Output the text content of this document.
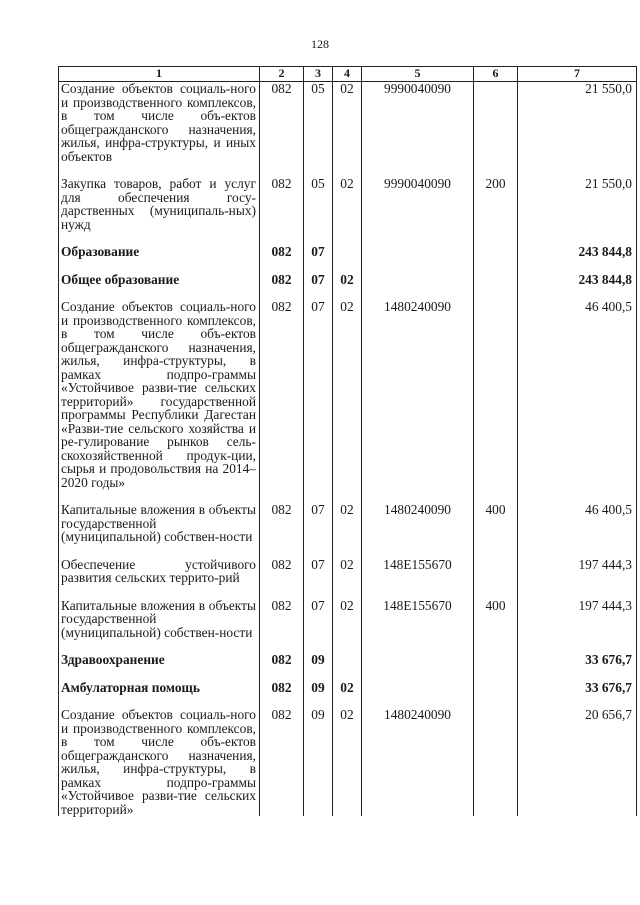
128
1	2	3	4	5	6	7
Создание объектов социаль-ного и производственного комплексов, в том числе объ-ектов общегражданского назначения, жилья, инфра-структуры, и иных объектов	082	05	02	9990040090		21 550,0

Закупка товаров, работ и услуг для обеспечения госу-дарственных (муниципаль-ных) нужд	082	05	02	9990040090	200	21 550,0

Образование	082	07				243 844,8

Общее образование	082	07	02			243 844,8

Создание объектов социаль-ного и производственного комплексов, в том числе объ-ектов общегражданского назначения, жилья, инфра-структуры, в рамках подпро-граммы «Устойчивое разви-тие сельских территорий» государственной программы Республики Дагестан «Разви-тие сельского хозяйства и ре-гулирование рынков сель-скохозяйственной продук-ции, сырья и продовольствия на 2014–2020 годы»	082	07	02	1480240090		46 400,5

Капитальные вложения в объекты государственной (муниципальной) собствен-ности	082	07	02	1480240090	400	46 400,5

Обеспечение устойчивого развития сельских террито-рий	082	07	02	148E155670		197 444,3

Капитальные вложения в объекты государственной (муниципальной) собствен-ности	082	07	02	148E155670	400	197 444,3

Здравоохранение	082	09				33 676,7

Амбулаторная помощь	082	09	02			33 676,7

Создание объектов социаль-ного и производственного комплексов, в том числе объ-ектов общегражданского назначения, жилья, инфра-структуры, в рамках подпро-граммы «Устойчивое разви-тие сельских территорий»	082	09	02	1480240090		20 656,7
